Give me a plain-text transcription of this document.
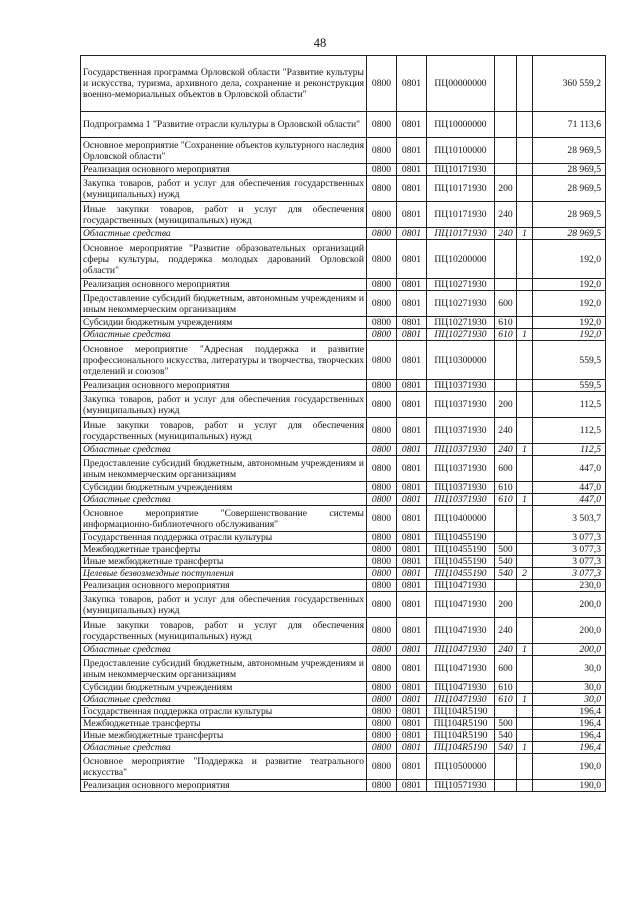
48
Государственная программа Орловской области "Развитие культуры и искусства, туризма, архивного дела, сохранение и реконструкция военно-мемориальных объектов в Орловской области"	0800	0801	ПЦ00000000			360 559,2
Подпрограмма 1 "Развитие отрасли культуры в Орловской области"	0800	0801	ПЦ10000000			71 113,6
Основное мероприятие "Сохранение объектов культурного наследия Орловской области"	0800	0801	ПЦ10100000			28 969,5
Реализация основного мероприятия	0800	0801	ПЦ10171930			28 969,5
Закупка товаров, работ и услуг для обеспечения государственных (муниципальных) нужд	0800	0801	ПЦ10171930	200		28 969,5
Иные закупки товаров, работ и услуг для обеспечения государственных (муниципальных) нужд	0800	0801	ПЦ10171930	240		28 969,5
Областные средства	0800	0801	ПЦ10171930	240	1	28 969,5
Основное мероприятие "Развитие образовательных организаций сферы культуры, поддержка молодых дарований Орловской области"	0800	0801	ПЦ10200000			192,0
Реализация основного мероприятия	0800	0801	ПЦ10271930			192,0
Предоставление субсидий бюджетным, автономным учреждениям и иным некоммерческим организациям	0800	0801	ПЦ10271930	600		192,0
Субсидии бюджетным учреждениям	0800	0801	ПЦ10271930	610		192,0
Областные средства	0800	0801	ПЦ10271930	610	1	192,0
Основное мероприятие "Адресная поддержка и развитие профессионального искусства, литературы и творчества, творческих отделений и союзов"	0800	0801	ПЦ10300000			559,5
Реализация основного мероприятия	0800	0801	ПЦ10371930			559,5
Закупка товаров, работ и услуг для обеспечения государственных (муниципальных) нужд	0800	0801	ПЦ10371930	200		112,5
Иные закупки товаров, работ и услуг для обеспечения государственных (муниципальных) нужд	0800	0801	ПЦ10371930	240		112,5
Областные средства	0800	0801	ПЦ10371930	240	1	112,5
Предоставление субсидий бюджетным, автономным учреждениям и иным некоммерческим организациям	0800	0801	ПЦ10371930	600		447,0
Субсидии бюджетным учреждениям	0800	0801	ПЦ10371930	610		447,0
Областные средства	0800	0801	ПЦ10371930	610	1	447,0
Основное мероприятие "Совершенствование системы информационно-библиотечного обслуживания"	0800	0801	ПЦ10400000			3 503,7
Государственная поддержка отрасли культуры	0800	0801	ПЦ10455190			3 077,3
Межбюджетные трансферты	0800	0801	ПЦ10455190	500		3 077,3
Иные межбюджетные трансферты	0800	0801	ПЦ10455190	540		3 077,3
Целевые безвозмездные поступления	0800	0801	ПЦ10455190	540	2	3 077,3
Реализация основного мероприятия	0800	0801	ПЦ10471930			230,0
Закупка товаров, работ и услуг для обеспечения государственных (муниципальных) нужд	0800	0801	ПЦ10471930	200		200,0
Иные закупки товаров, работ и услуг для обеспечения государственных (муниципальных) нужд	0800	0801	ПЦ10471930	240		200,0
Областные средства	0800	0801	ПЦ10471930	240	1	200,0
Предоставление субсидий бюджетным, автономным учреждениям и иным некоммерческим организациям	0800	0801	ПЦ10471930	600		30,0
Субсидии бюджетным учреждениям	0800	0801	ПЦ10471930	610		30,0
Областные средства	0800	0801	ПЦ10471930	610	1	30,0
Государственная поддержка отрасли культуры	0800	0801	ПЦ104R5190			196,4
Межбюджетные трансферты	0800	0801	ПЦ104R5190	500		196,4
Иные межбюджетные трансферты	0800	0801	ПЦ104R5190	540		196,4
Областные средства	0800	0801	ПЦ104R5190	540	1	196,4
Основное мероприятие "Поддержка и развитие театрального искусства"	0800	0801	ПЦ10500000			190,0
Реализация основного мероприятия	0800	0801	ПЦ10571930			190,0
